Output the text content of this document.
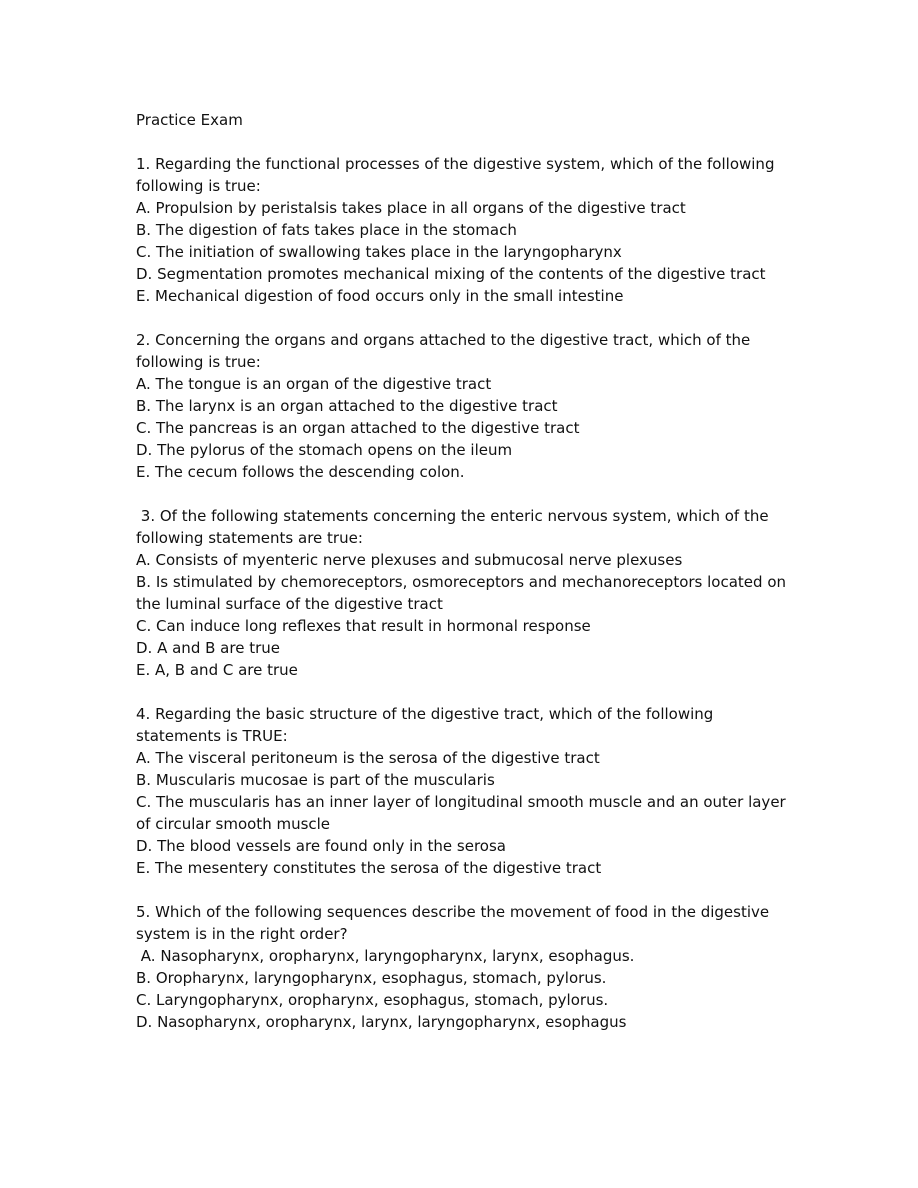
Practice Exam

1. Regarding the functional processes of the digestive system, which of the following following is true:

A. Propulsion by peristalsis takes place in all organs of the digestive tract

B. The digestion of fats takes place in the stomach

C. The initiation of swallowing takes place in the laryngopharynx

D. Segmentation promotes mechanical mixing of the contents of the digestive tract

E. Mechanical digestion of food occurs only in the small intestine

2. Concerning the organs and organs attached to the digestive tract, which of the following is true:

A. The tongue is an organ of the digestive tract

B. The larynx is an organ attached to the digestive tract

C. The pancreas is an organ attached to the digestive tract

D. The pylorus of the stomach opens on the ileum

E. The cecum follows the descending colon.

3. Of the following statements concerning the enteric nervous system, which of the following statements are true:

A. Consists of myenteric nerve plexuses and submucosal nerve plexuses

B. Is stimulated by chemoreceptors, osmoreceptors and mechanoreceptors located on the luminal surface of the digestive tract

C. Can induce long reflexes that result in hormonal response

D. A and B are true

E. A, B and C are true

4. Regarding the basic structure of the digestive tract, which of the following statements is TRUE:

A. The visceral peritoneum is the serosa of the digestive tract

B. Muscularis mucosae is part of the muscularis

C. The muscularis has an inner layer of longitudinal smooth muscle and an outer layer of circular smooth muscle

D. The blood vessels are found only in the serosa

E. The mesentery constitutes the serosa of the digestive tract

5. Which of the following sequences describe the movement of food in the digestive system is in the right order?

A. Nasopharynx, oropharynx, laryngopharynx, larynx, esophagus.

B. Oropharynx, laryngopharynx, esophagus, stomach, pylorus.

C. Laryngopharynx, oropharynx, esophagus, stomach, pylorus.

D. Nasopharynx, oropharynx, larynx, laryngopharynx, esophagus
